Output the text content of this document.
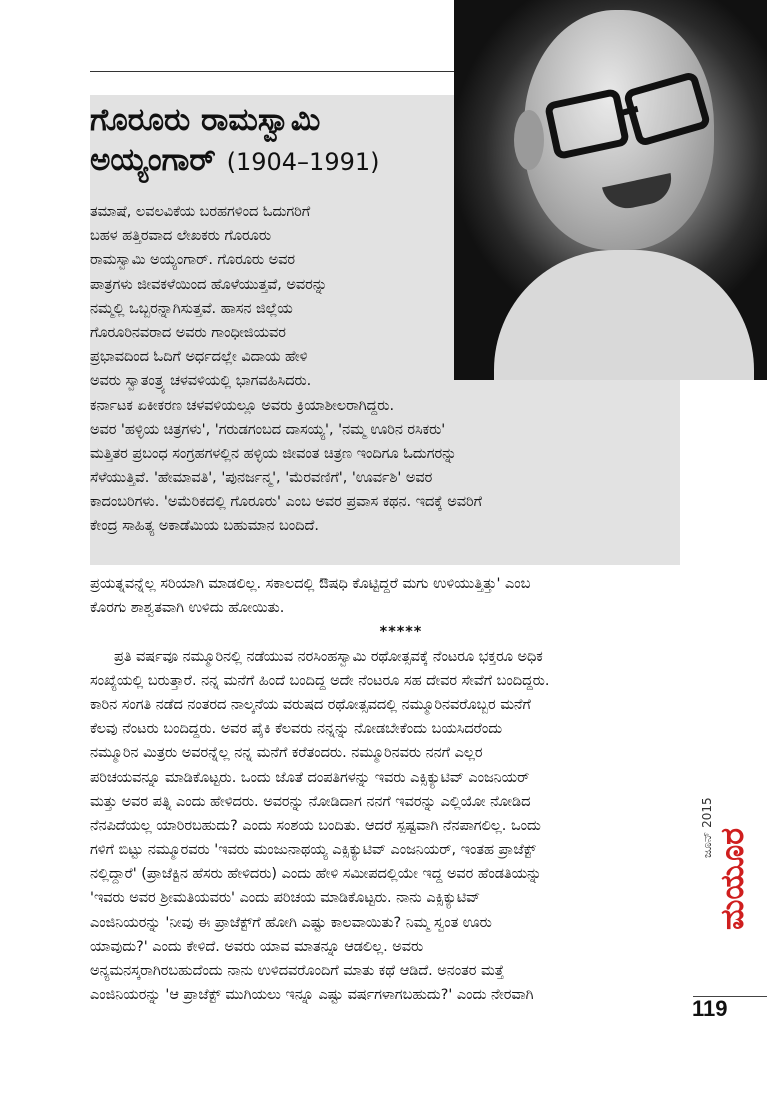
ಗೊರೂರು ರಾಮಸ್ವಾಮಿ
ಅಯ್ಯಂಗಾರ್ (1904–1991)
ತಮಾಷೆ, ಲವಲವಿಕೆಯ ಬರಹಗಳಿಂದ ಓದುಗರಿಗೆ
ಬಹಳ ಹತ್ತಿರವಾದ ಲೇಖಕರು ಗೊರೂರು
ರಾಮಸ್ವಾಮಿ ಅಯ್ಯಂಗಾರ್. ಗೊರೂರು ಅವರ
ಪಾತ್ರಗಳು ಜೀವಕಳೆಯಿಂದ ಹೊಳೆಯುತ್ತವೆ, ಅವರನ್ನು
ನಮ್ಮಲ್ಲಿ ಒಬ್ಬರನ್ನಾಗಿಸುತ್ತವೆ. ಹಾಸನ ಜಿಲ್ಲೆಯ
ಗೊರೂರಿನವರಾದ ಅವರು ಗಾಂಧೀಜಿಯವರ
ಪ್ರಭಾವದಿಂದ ಓದಿಗೆ ಅರ್ಧದಲ್ಲೇ ವಿದಾಯ ಹೇಳಿ
ಅವರು ಸ್ವಾತಂತ್ರ್ಯ ಚಳವಳಿಯಲ್ಲಿ ಭಾಗವಹಿಸಿದರು.
ಕರ್ನಾಟಕ ಏಕೀಕರಣ ಚಳವಳಿಯಲ್ಲೂ ಅವರು ಕ್ರಿಯಾಶೀಲರಾಗಿದ್ದರು.
ಅವರ 'ಹಳ್ಳಿಯ ಚಿತ್ರಗಳು', 'ಗರುಡಗಂಬದ ದಾಸಯ್ಯ', 'ನಮ್ಮ ಊರಿನ ರಸಿಕರು'
ಮತ್ತಿತರ ಪ್ರಬಂಧ ಸಂಗ್ರಹಗಳಲ್ಲಿನ ಹಳ್ಳಿಯ ಜೀವಂತ ಚಿತ್ರಣ ಇಂದಿಗೂ ಓದುಗರನ್ನು
ಸೆಳೆಯುತ್ತಿವೆ. 'ಹೇಮಾವತಿ', 'ಪುನರ್ಜನ್ಮ', 'ಮೆರವಣಿಗೆ', 'ಊರ್ವಶಿ' ಅವರ
ಕಾದಂಬರಿಗಳು. 'ಅಮೆರಿಕದಲ್ಲಿ ಗೊರೂರು' ಎಂಬ ಅವರ ಪ್ರವಾಸ ಕಥನ. ಇದಕ್ಕೆ ಅವರಿಗೆ
ಕೇಂದ್ರ ಸಾಹಿತ್ಯ ಅಕಾಡೆಮಿಯ ಬಹುಮಾನ ಬಂದಿದೆ.
ಪ್ರಯತ್ನವನ್ನೆಲ್ಲ ಸರಿಯಾಗಿ ಮಾಡಲಿಲ್ಲ. ಸಕಾಲದಲ್ಲಿ ಔಷಧಿ ಕೊಟ್ಟಿದ್ದರೆ ಮಗು ಉಳಿಯುತ್ತಿತ್ತು' ಎಂಬ
ಕೊರಗು ಶಾಶ್ವತವಾಗಿ ಉಳಿದು ಹೋಯಿತು.
*****
ಪ್ರತಿ ವರ್ಷವೂ ನಮ್ಮೂರಿನಲ್ಲಿ ನಡೆಯುವ ನರಸಿಂಹಸ್ವಾಮಿ ರಥೋತ್ಸವಕ್ಕೆ ನೆಂಟರೂ ಭಕ್ತರೂ ಅಧಿಕ
ಸಂಖ್ಯೆಯಲ್ಲಿ ಬರುತ್ತಾರೆ. ನನ್ನ ಮನೆಗೆ ಹಿಂದೆ ಬಂದಿದ್ದ ಅದೇ ನೆಂಟರೂ ಸಹ ದೇವರ ಸೇವೆಗೆ ಬಂದಿದ್ದರು.
ಕಾರಿನ ಸಂಗತಿ ನಡೆದ ನಂತರದ ನಾಲ್ಕನೆಯ ವರುಷದ ರಥೋತ್ಸವದಲ್ಲಿ ನಮ್ಮೂರಿನವರೊಬ್ಬರ ಮನೆಗೆ
ಕೆಲವು ನೆಂಟರು ಬಂದಿದ್ದರು. ಅವರ ಪೈಕಿ ಕೆಲವರು ನನ್ನನ್ನು ನೋಡಬೇಕೆಂದು ಬಯಸಿದರೆಂದು
ನಮ್ಮೂರಿನ ಮಿತ್ರರು ಅವರನ್ನೆಲ್ಲ ನನ್ನ ಮನೆಗೆ ಕರೆತಂದರು. ನಮ್ಮೂರಿನವರು ನನಗೆ ಎಲ್ಲರ
ಪರಿಚಯವನ್ನೂ ಮಾಡಿಕೊಟ್ಟರು. ಒಂದು ಜೊತೆ ದಂಪತಿಗಳನ್ನು ಇವರು ಎಕ್ಸಿಕ್ಯುಟಿವ್ ಎಂಜನಿಯರ್
ಮತ್ತು ಅವರ ಪತ್ನಿ ಎಂದು ಹೇಳಿದರು. ಅವರನ್ನು ನೋಡಿದಾಗ ನನಗೆ ಇವರನ್ನು ಎಲ್ಲಿಯೋ ನೋಡಿದ
ನೆನಪಿದೆಯಲ್ಲ ಯಾರಿರಬಹುದು? ಎಂದು ಸಂಶಯ ಬಂದಿತು. ಆದರೆ ಸ್ಪಷ್ಟವಾಗಿ ನೆನಪಾಗಲಿಲ್ಲ. ಒಂದು
ಗಳಿಗೆ ಬಿಟ್ಟು ನಮ್ಮೂರವರು 'ಇವರು ಮಂಜುನಾಥಯ್ಯ ಎಕ್ಸಿಕ್ಯುಟಿವ್ ಎಂಜನಿಯರ್, ಇಂತಹ ಪ್ರಾಜೆಕ್ಟ್
ನಲ್ಲಿದ್ದಾರೆ' (ಪ್ರಾಜೆಕ್ಟಿನ ಹೆಸರು ಹೇಳಿದರು) ಎಂದು ಹೇಳಿ ಸಮೀಪದಲ್ಲಿಯೇ ಇದ್ದ ಅವರ ಹೆಂಡತಿಯನ್ನು
'ಇವರು ಅವರ ಶ್ರೀಮತಿಯವರು' ಎಂದು ಪರಿಚಯ ಮಾಡಿಕೊಟ್ಟರು. ನಾನು ಎಕ್ಸಿಕ್ಯುಟಿವ್
ಎಂಜಿನಿಯರನ್ನು 'ನೀವು ಈ ಪ್ರಾಜೆಕ್ಟ್‌ಗೆ ಹೋಗಿ ಎಷ್ಟು ಕಾಲವಾಯಿತು? ನಿಮ್ಮ ಸ್ವಂತ ಊರು
ಯಾವುದು?' ಎಂದು ಕೇಳಿದೆ. ಅವರು ಯಾವ ಮಾತನ್ನೂ ಆಡಲಿಲ್ಲ. ಅವರು
ಅನ್ಯಮನಸ್ಕರಾಗಿರಬಹುದೆಂದು ನಾನು ಉಳಿದವರೊಂದಿಗೆ ಮಾತು ಕಥೆ ಆಡಿದೆ. ಅನಂತರ ಮತ್ತೆ
ಎಂಜಿನಿಯರನ್ನು 'ಆ ಪ್ರಾಜೆಕ್ಟ್ ಮುಗಿಯಲು ಇನ್ನೂ ಎಷ್ಟು ವರ್ಷಗಳಾಗಬಹುದು?' ಎಂದು ನೇರವಾಗಿ
ಜೂನ್ 2015
ಮಯೂರ
119
